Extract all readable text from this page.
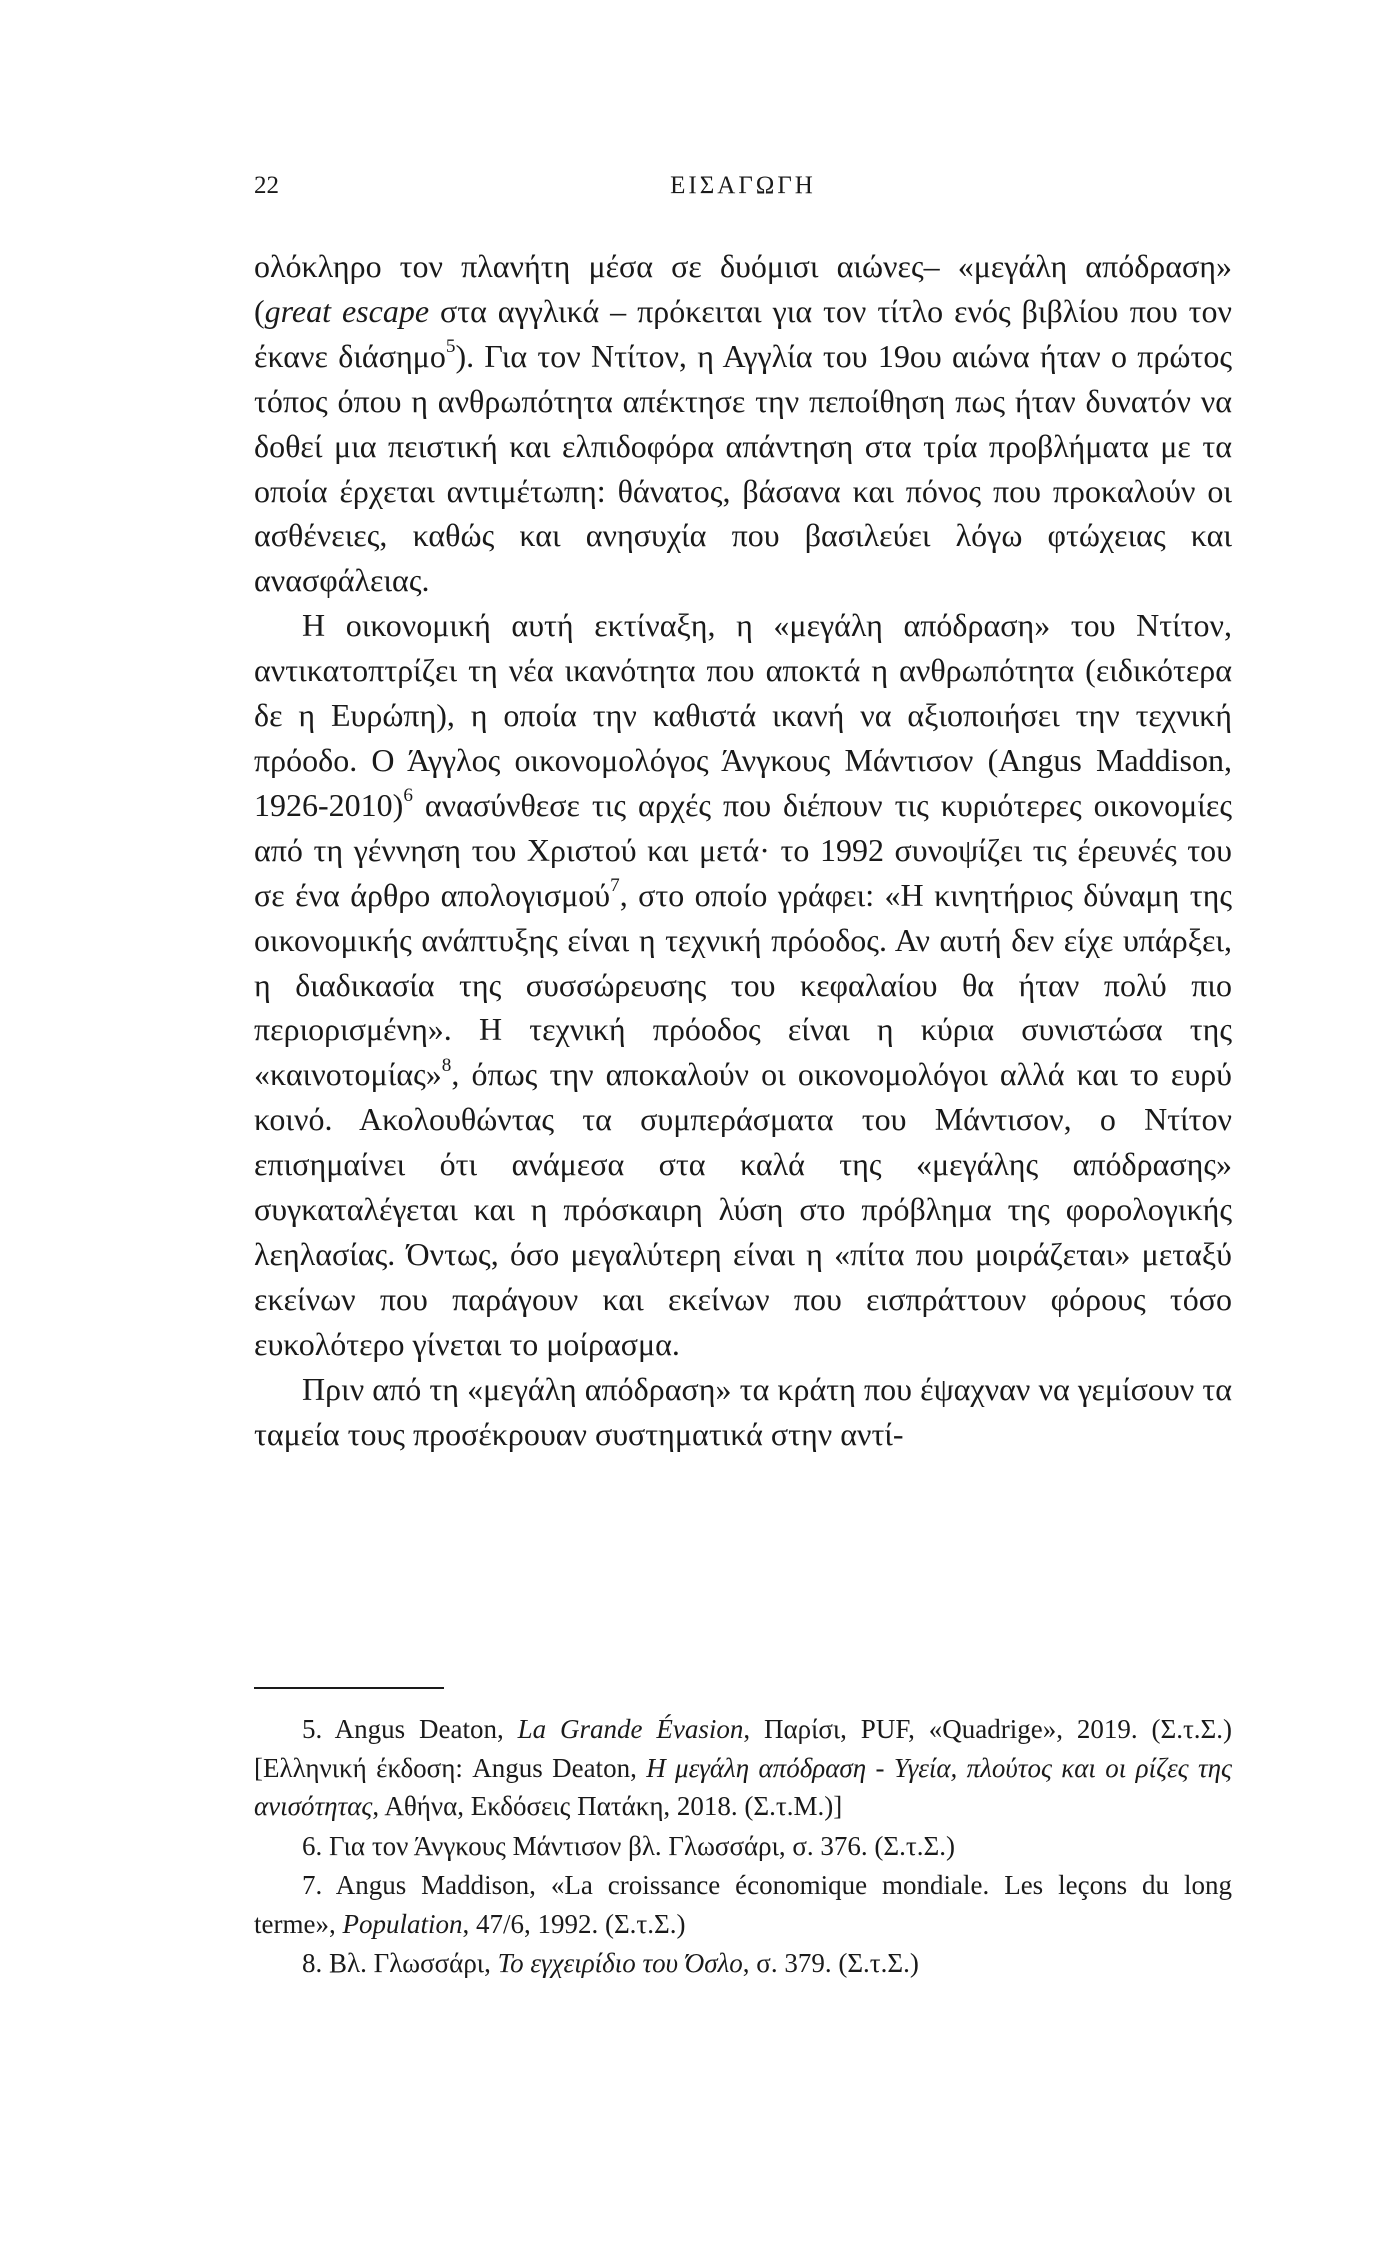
22	ΕΙΣΑΓΩΓΗ

ολόκληρο τον πλανήτη μέσα σε δυόμισι αιώνες– «μεγάλη απόδραση» (great escape στα αγγλικά – πρόκειται για τον τίτλο ενός βιβλίου που τον έκανε διάσημο$^5$). Για τον Ντίτον, η Αγγλία του 19ου αιώνα ήταν ο πρώτος τόπος όπου η ανθρωπότητα απέκτησε την πεποίθηση πως ήταν δυνατόν να δοθεί μια πειστική και ελπιδοφόρα απάντηση στα τρία προβλήματα με τα οποία έρχεται αντιμέτωπη: θάνατος, βάσανα και πόνος που προκαλούν οι ασθένειες, καθώς και ανησυχία που βασιλεύει λόγω φτώχειας και ανασφάλειας.

Η οικονομική αυτή εκτίναξη, η «μεγάλη απόδραση» του Ντίτον, αντικατοπτρίζει τη νέα ικανότητα που αποκτά η ανθρωπότητα (ειδικότερα δε η Ευρώπη), η οποία την καθιστά ικανή να αξιοποιήσει την τεχνική πρόοδο. Ο Άγγλος οικονομολόγος Άνγκους Μάντισον (Angus Maddison, 1926-2010)$^6$ ανασύνθεσε τις αρχές που διέπουν τις κυριότερες οικονομίες από τη γέννηση του Χριστού και μετά· το 1992 συνοψίζει τις έρευνές του σε ένα άρθρο απολογισμού$^7$, στο οποίο γράφει: «Η κινητήριος δύναμη της οικονομικής ανάπτυξης είναι η τεχνική πρόοδος. Αν αυτή δεν είχε υπάρξει, η διαδικασία της συσσώρευσης του κεφαλαίου θα ήταν πολύ πιο περιορισμένη». Η τεχνική πρόοδος είναι η κύρια συνιστώσα της «καινοτομίας»$^8$, όπως την αποκαλούν οι οικονομολόγοι αλλά και το ευρύ κοινό. Ακολουθώντας τα συμπεράσματα του Μάντισον, ο Ντίτον επισημαίνει ότι ανάμεσα στα καλά της «μεγάλης απόδρασης» συγκαταλέγεται και η πρόσκαιρη λύση στο πρόβλημα της φορολογικής λεηλασίας. Όντως, όσο μεγαλύτερη είναι η «πίτα που μοιράζεται» μεταξύ εκείνων που παράγουν και εκείνων που εισπράττουν φόρους τόσο ευκολότερο γίνεται το μοίρασμα.

Πριν από τη «μεγάλη απόδραση» τα κράτη που έψαχναν να γεμίσουν τα ταμεία τους προσέκρουαν συστηματικά στην αντί-

5. Angus Deaton, La Grande Évasion, Παρίσι, PUF, «Quadrige», 2019. (Σ.τ.Σ.) [Ελληνική έκδοση: Angus Deaton, Η μεγάλη απόδραση - Υγεία, πλούτος και οι ρίζες της ανισότητας, Αθήνα, Εκδόσεις Πατάκη, 2018. (Σ.τ.Μ.)]

6. Για τον Άνγκους Μάντισον βλ. Γλωσσάρι, σ. 376. (Σ.τ.Σ.)

7. Angus Maddison, «La croissance économique mondiale. Les leçons du long terme», Population, 47/6, 1992. (Σ.τ.Σ.)

8. Βλ. Γλωσσάρι, Το εγχειρίδιο του Όσλο, σ. 379. (Σ.τ.Σ.)
